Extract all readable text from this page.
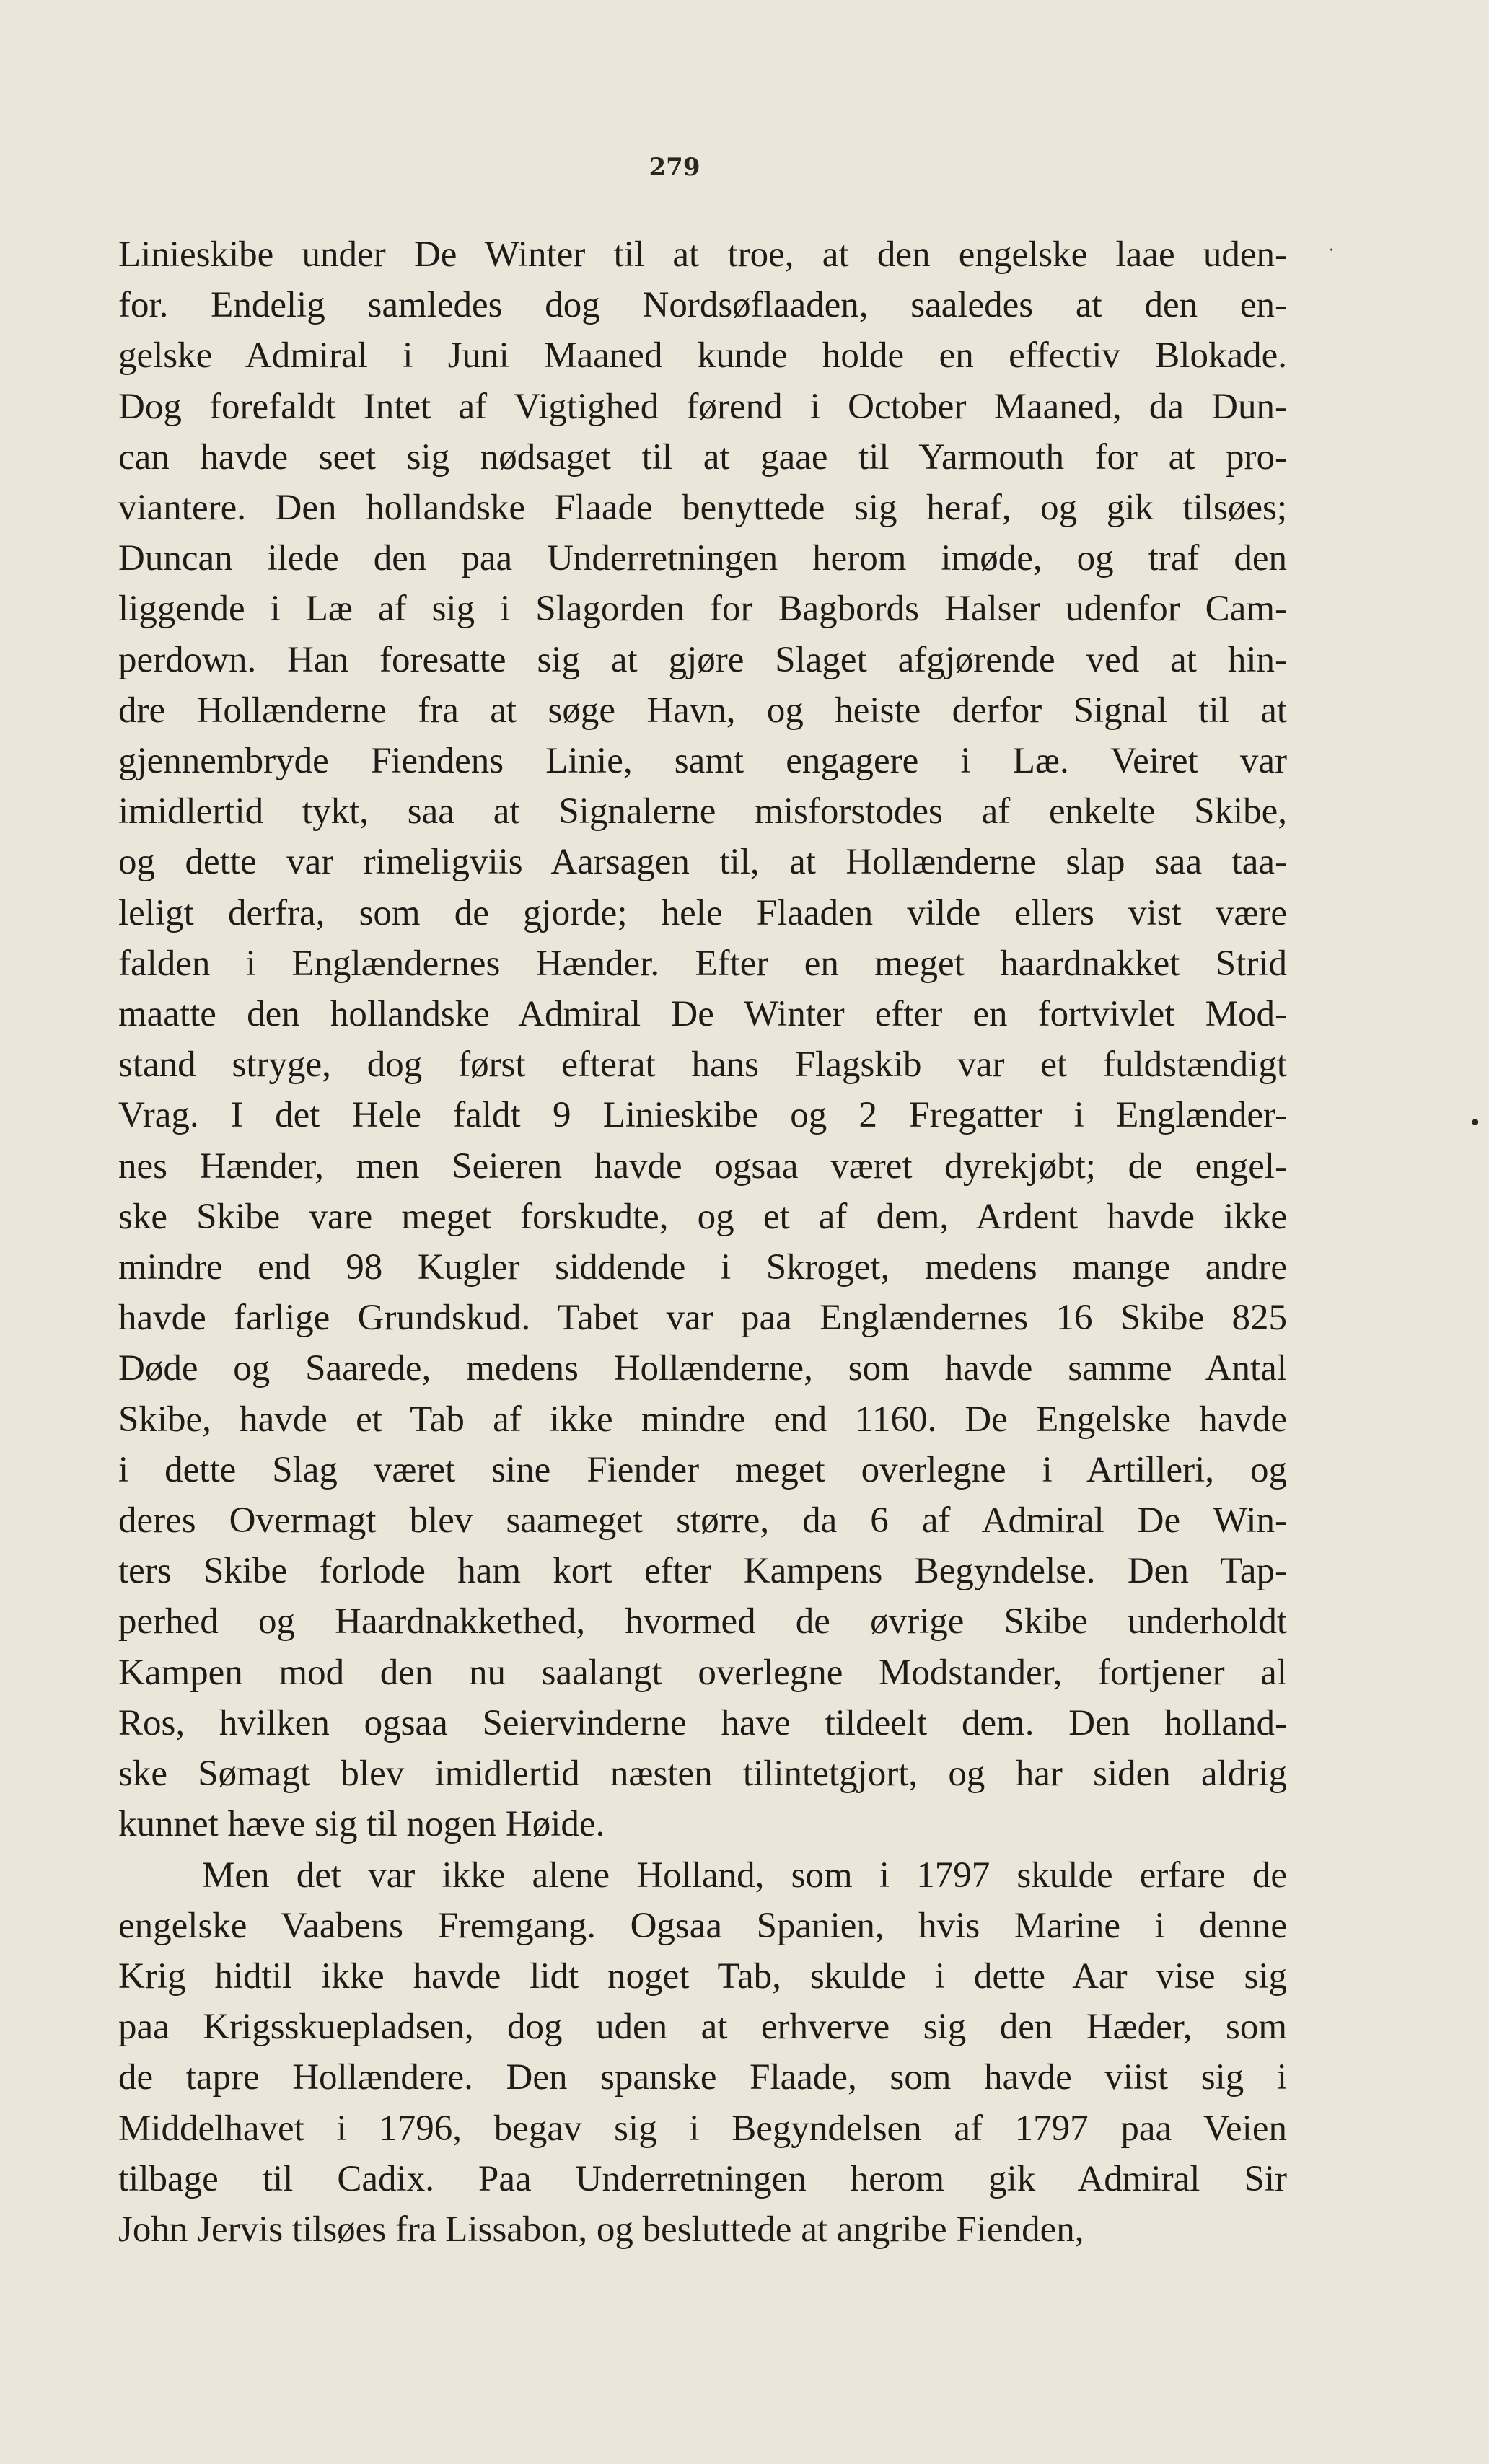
279

Linieskibe under De Winter til at troe, at den engelske laae uden-
for. Endelig samledes dog Nordsøflaaden, saaledes at den en-
gelske Admiral i Juni Maaned kunde holde en effectiv Blokade.
Dog forefaldt Intet af Vigtighed førend i October Maaned, da Dun-
can havde seet sig nødsaget til at gaae til Yarmouth for at pro-
viantere. Den hollandske Flaade benyttede sig heraf, og gik tilsøes;
Duncan ilede den paa Underretningen herom imøde, og traf den
liggende i Læ af sig i Slagorden for Bagbords Halser udenfor Cam-
perdown. Han foresatte sig at gjøre Slaget afgjørende ved at hin-
dre Hollænderne fra at søge Havn, og heiste derfor Signal til at
gjennembryde Fiendens Linie, samt engagere i Læ. Veiret var
imidlertid tykt, saa at Signalerne misforstodes af enkelte Skibe,
og dette var rimeligviis Aarsagen til, at Hollænderne slap saa taa-
leligt derfra, som de gjorde; hele Flaaden vilde ellers vist være
falden i Englændernes Hænder. Efter en meget haardnakket Strid
maatte den hollandske Admiral De Winter efter en fortvivlet Mod-
stand stryge, dog først efterat hans Flagskib var et fuldstændigt
Vrag. I det Hele faldt 9 Linieskibe og 2 Fregatter i Englænder-
nes Hænder, men Seieren havde ogsaa været dyrekjøbt; de engel-
ske Skibe vare meget forskudte, og et af dem, Ardent havde ikke
mindre end 98 Kugler siddende i Skroget, medens mange andre
havde farlige Grundskud. Tabet var paa Englændernes 16 Skibe 825
Døde og Saarede, medens Hollænderne, som havde samme Antal
Skibe, havde et Tab af ikke mindre end 1160. De Engelske havde
i dette Slag været sine Fiender meget overlegne i Artilleri, og
deres Overmagt blev saameget større, da 6 af Admiral De Win-
ters Skibe forlode ham kort efter Kampens Begyndelse. Den Tap-
perhed og Haardnakkethed, hvormed de øvrige Skibe underholdt
Kampen mod den nu saalangt overlegne Modstander, fortjener al
Ros, hvilken ogsaa Seiervinderne have tildeelt dem. Den holland-
ske Sømagt blev imidlertid næsten tilintetgjort, og har siden aldrig
kunnet hæve sig til nogen Høide.

Men det var ikke alene Holland, som i 1797 skulde erfare de
engelske Vaabens Fremgang. Ogsaa Spanien, hvis Marine i denne
Krig hidtil ikke havde lidt noget Tab, skulde i dette Aar vise sig
paa Krigsskuepladsen, dog uden at erhverve sig den Hæder, som
de tapre Hollændere. Den spanske Flaade, som havde viist sig i
Middelhavet i 1796, begav sig i Begyndelsen af 1797 paa Veien
tilbage til Cadix. Paa Underretningen herom gik Admiral Sir
John Jervis tilsøes fra Lissabon, og besluttede at angribe Fienden,

·
•
